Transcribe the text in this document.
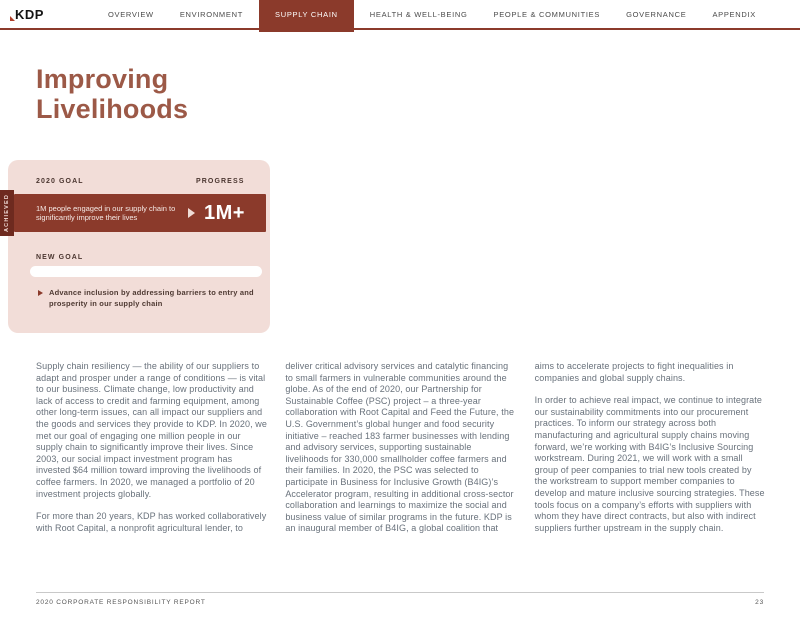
KDP	OVERVIEW	ENVIRONMENT	SUPPLY CHAIN	HEALTH & WELL-BEING	PEOPLE & COMMUNITIES	GOVERNANCE	APPENDIX
Improving
Livelihoods
2020 GOAL	PROGRESS
ACHIEVED	1M people engaged in our supply chain to significantly improve their lives	1M+
NEW GOAL
Advance inclusion by addressing barriers to entry and prosperity in our supply chain

Supply chain resiliency — the ability of our suppliers to adapt and prosper under a range of conditions — is vital to our business. Climate change, low productivity and lack of access to credit and farming equipment, among other long-term issues, can all impact our suppliers and the goods and services they provide to KDP. In 2020, we met our goal of engaging one million people in our supply chain to significantly improve their lives. Since 2003, our social impact investment program has invested $64 million toward improving the livelihoods of coffee farmers. In 2020, we managed a portfolio of 20 investment projects globally.

For more than 20 years, KDP has worked collaboratively with Root Capital, a nonprofit agricultural lender, to

deliver critical advisory services and catalytic financing to small farmers in vulnerable communities around the globe. As of the end of 2020, our Partnership for Sustainable Coffee (PSC) project – a three-year collaboration with Root Capital and Feed the Future, the U.S. Government’s global hunger and food security initiative – reached 183 farmer businesses with lending and advisory services, supporting sustainable livelihoods for 330,000 smallholder coffee farmers and their families. In 2020, the PSC was selected to participate in Business for Inclusive Growth (B4IG)’s Accelerator program, resulting in additional cross-sector collaboration and learnings to maximize the social and business value of similar programs in the future. KDP is an inaugural member of B4IG, a global coalition that

aims to accelerate projects to fight inequalities in companies and global supply chains.

In order to achieve real impact, we continue to integrate our sustainability commitments into our procurement practices. To inform our strategy across both manufacturing and agricultural supply chains moving forward, we’re working with B4IG’s Inclusive Sourcing workstream. During 2021, we will work with a small group of peer companies to trial new tools created by the workstream to support member companies to develop and mature inclusive sourcing strategies. These tools focus on a company’s efforts with suppliers with whom they have direct contracts, but also with indirect suppliers further upstream in the supply chain.

2020 CORPORATE RESPONSIBILITY REPORT	23
